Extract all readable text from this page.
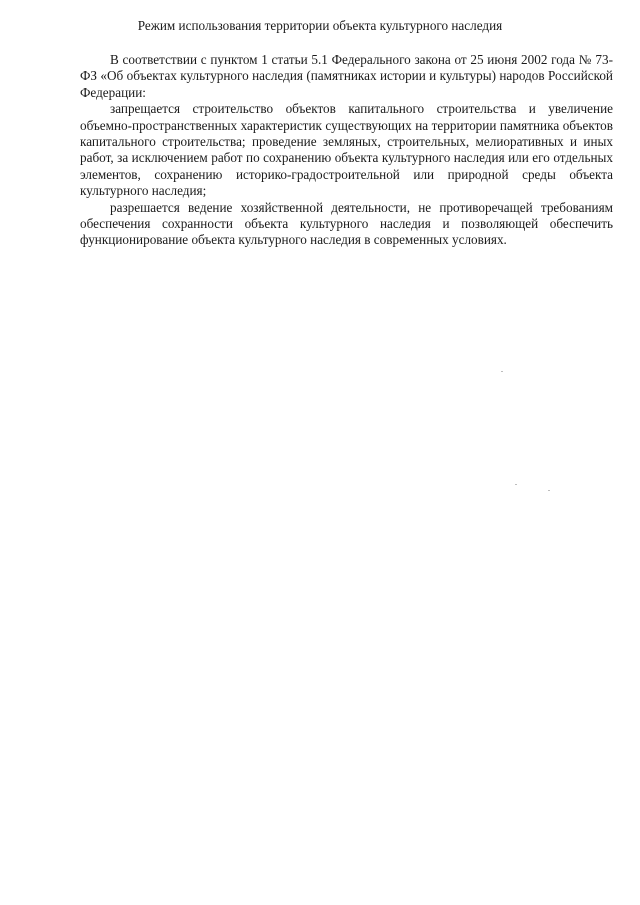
Режим использования территории объекта культурного наследия

В соответствии с пунктом 1 статьи 5.1 Федерального закона от 25 июня 2002 года № 73-ФЗ «Об объектах культурного наследия (памятниках истории и культуры) народов Российской Федерации:

запрещается строительство объектов капитального строительства и увеличение объемно-пространственных характеристик существующих на территории памятника объектов капитального строительства; проведение земляных, строительных, мелиоративных и иных работ, за исключением работ по сохранению объекта культурного наследия или его отдельных элементов, сохранению историко-градостроительной или природной среды объекта культурного наследия;

разрешается ведение хозяйственной деятельности, не противоречащей требованиям обеспечения сохранности объекта культурного наследия и позволяющей обеспечить функционирование объекта культурного наследия в современных условиях.
